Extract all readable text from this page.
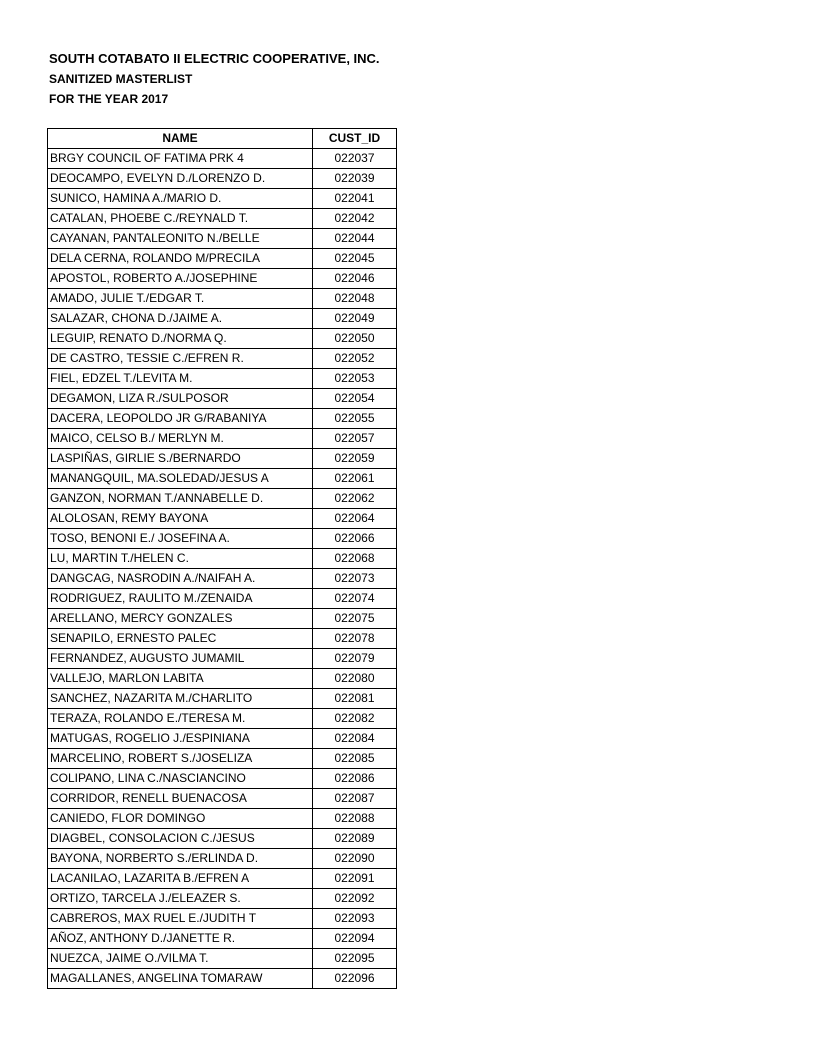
SOUTH COTABATO II ELECTRIC COOPERATIVE, INC.
SANITIZED MASTERLIST
FOR THE YEAR 2017
NAME	CUST_ID
BRGY COUNCIL OF FATIMA PRK 4	022037
DEOCAMPO, EVELYN D./LORENZO D.	022039
SUNICO, HAMINA A./MARIO D.	022041
CATALAN, PHOEBE C./REYNALD T.	022042
CAYANAN, PANTALEONITO N./BELLE	022044
DELA CERNA, ROLANDO M/PRECILA	022045
APOSTOL, ROBERTO A./JOSEPHINE	022046
AMADO, JULIE T./EDGAR T.	022048
SALAZAR, CHONA D./JAIME A.	022049
LEGUIP, RENATO D./NORMA Q.	022050
DE CASTRO, TESSIE C./EFREN R.	022052
FIEL, EDZEL T./LEVITA M.	022053
DEGAMON, LIZA R./SULPOSOR	022054
DACERA, LEOPOLDO JR G/RABANIYA	022055
MAICO, CELSO B./ MERLYN M.	022057
LASPIÑAS, GIRLIE S./BERNARDO	022059
MANANGQUIL, MA.SOLEDAD/JESUS A	022061
GANZON, NORMAN T./ANNABELLE D.	022062
ALOLOSAN, REMY BAYONA	022064
TOSO, BENONI E./ JOSEFINA A.	022066
LU, MARTIN T./HELEN C.	022068
DANGCAG, NASRODIN A./NAIFAH A.	022073
RODRIGUEZ, RAULITO M./ZENAIDA	022074
ARELLANO, MERCY GONZALES	022075
SENAPILO, ERNESTO PALEC	022078
FERNANDEZ, AUGUSTO JUMAMIL	022079
VALLEJO, MARLON LABITA	022080
SANCHEZ, NAZARITA M./CHARLITO	022081
TERAZA, ROLANDO E./TERESA M.	022082
MATUGAS, ROGELIO J./ESPINIANA	022084
MARCELINO, ROBERT S./JOSELIZA	022085
COLIPANO, LINA C./NASCIANCINO	022086
CORRIDOR, RENELL BUENACOSA	022087
CANIEDO, FLOR DOMINGO	022088
DIAGBEL, CONSOLACION C./JESUS	022089
BAYONA, NORBERTO S./ERLINDA D.	022090
LACANILAO, LAZARITA B./EFREN A	022091
ORTIZO, TARCELA J./ELEAZER S.	022092
CABREROS, MAX RUEL E./JUDITH T	022093
AÑOZ, ANTHONY D./JANETTE R.	022094
NUEZCA, JAIME O./VILMA T.	022095
MAGALLANES, ANGELINA TOMARAW	022096
